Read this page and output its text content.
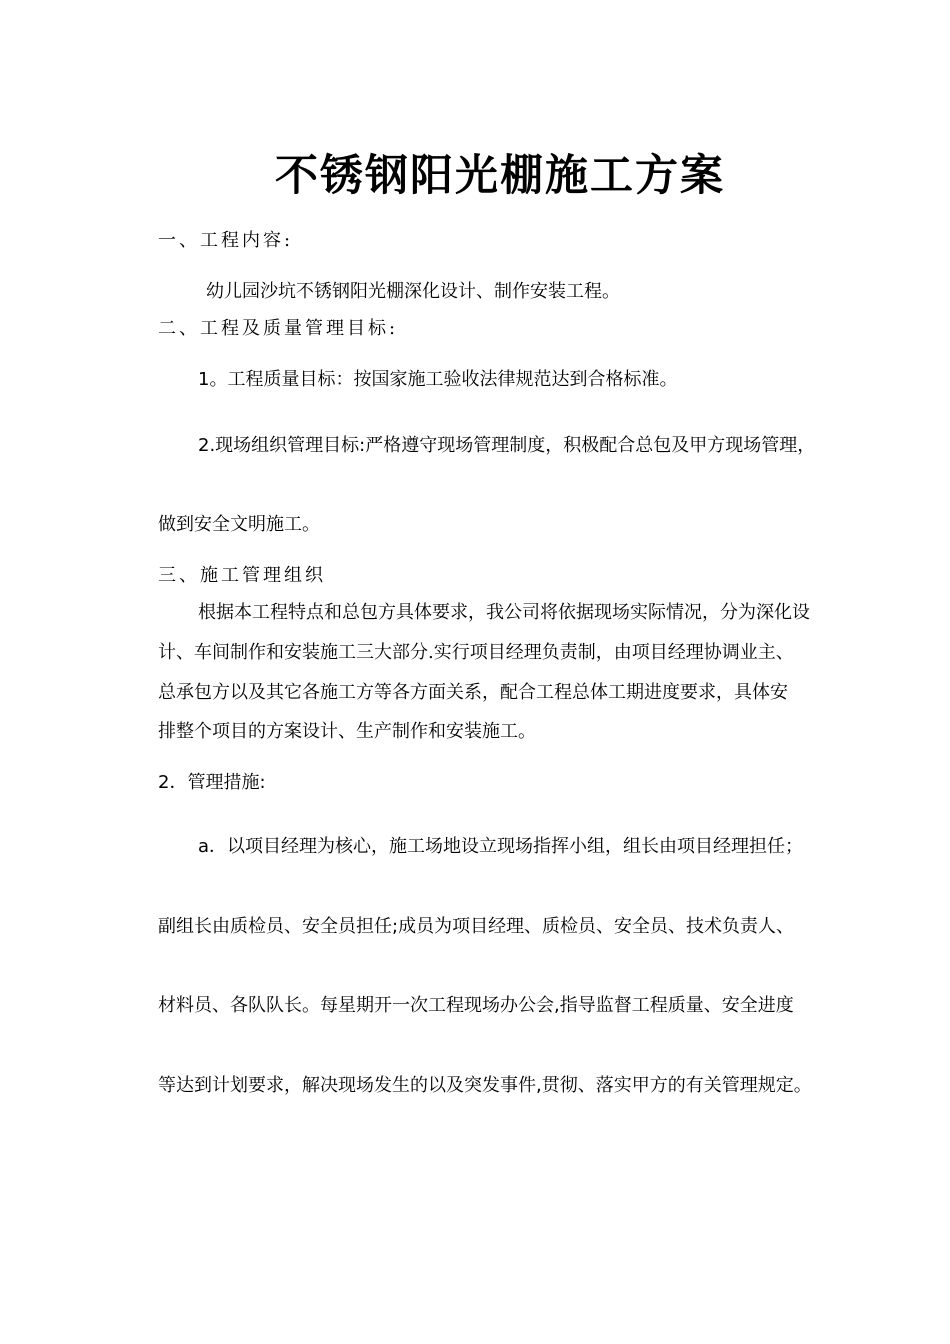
不锈钢阳光棚施工方案

一、工程内容:

幼儿园沙坑不锈钢阳光棚深化设计、制作安装工程。

二、工程及质量管理目标:

1。工程质量目标：按国家施工验收法律规范达到合格标准。

2.现场组织管理目标:严格遵守现场管理制度，积极配合总包及甲方现场管理，

做到安全文明施工。

三、施工管理组织

根据本工程特点和总包方具体要求，我公司将依据现场实际情况，分为深化设

计、车间制作和安装施工三大部分.实行项目经理负责制，由项目经理协调业主、

总承包方以及其它各施工方等各方面关系，配合工程总体工期进度要求，具体安

排整个项目的方案设计、生产制作和安装施工。

2．管理措施:

a．以项目经理为核心，施工场地设立现场指挥小组，组长由项目经理担任；

副组长由质检员、安全员担任;成员为项目经理、质检员、安全员、技术负责人、

材料员、各队队长。每星期开一次工程现场办公会,指导监督工程质量、安全进度

等达到计划要求，解决现场发生的以及突发事件,贯彻、落实甲方的有关管理规定。
